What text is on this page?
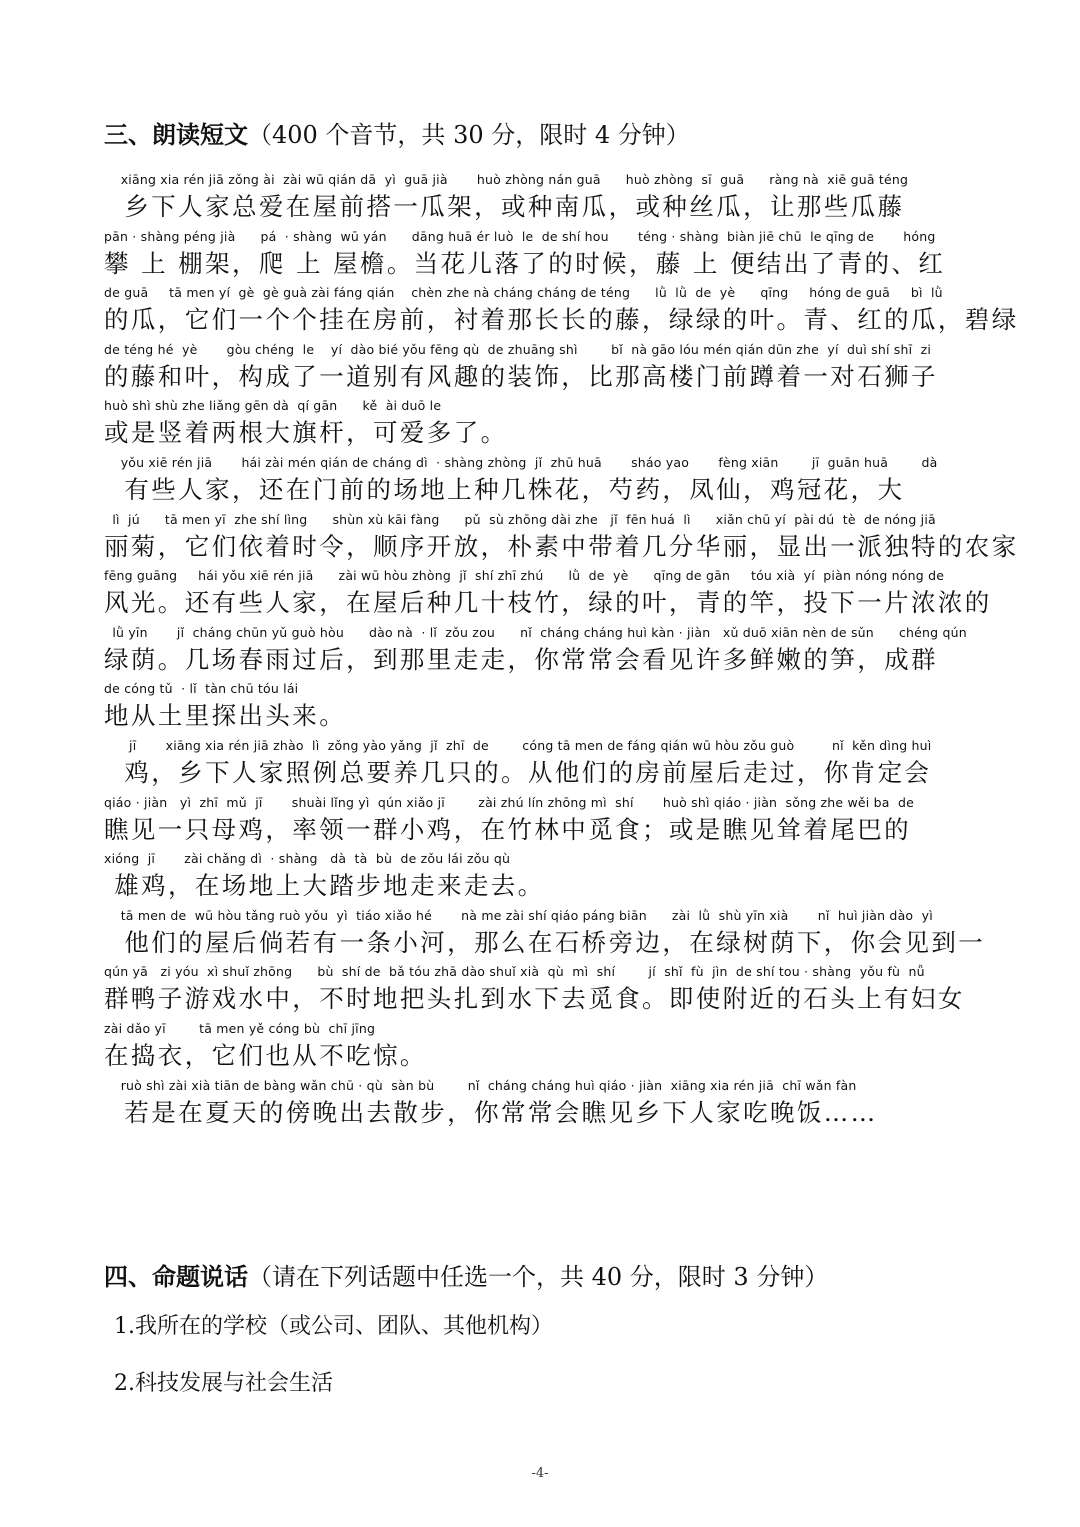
三、朗读短文（400 个音节，共 30 分，限时 4 分钟）
xiāng xia rén jiā zǒng ài  zài wū qián dā  yì  guā jià       huò zhòng nán guā      huò zhòng  sī  guā      ràng nà  xiē guā téng
乡下人家总爱在屋前搭一瓜架，或种南瓜，或种丝瓜，让那些瓜藤
pān · shàng péng jià      pá  · shàng  wū yán      dāng huā ér luò  le  de shí hou       téng · shàng  biàn jiē chū  le qīng de       hóng
攀 上 棚架，爬 上 屋檐。当花儿落了的时候，藤 上 便结出了青的、红
de guā     tā men yí  gè  gè guà zài fáng qián    chèn zhe nà cháng cháng de téng      lǜ  lǜ  de  yè      qīng     hóng de guā     bì  lǜ
的瓜，它们一个个挂在房前，衬着那长长的藤，绿绿的叶。青、红的瓜，碧绿
de téng hé  yè       gòu chéng  le    yí  dào bié yǒu fēng qù  de zhuāng shì        bǐ  nà gāo lóu mén qián dūn zhe  yí  duì shí shī  zi
的藤和叶，构成了一道别有风趣的装饰，比那高楼门前蹲着一对石狮子
huò shì shù zhe liǎng gēn dà  qí gān      kě  ài duō le
或是竖着两根大旗杆，可爱多了。
yǒu xiē rén jiā       hái zài mén qián de cháng dì  · shàng zhòng  jǐ  zhū huā       sháo yao       fèng xiān        jī  guān huā        dà
有些人家，还在门前的场地上种几株花，芍药，凤仙，鸡冠花，大
lì  jú      tā men yī  zhe shí lìng      shùn xù kāi fàng      pǔ  sù zhōng dài zhe   jǐ  fēn huá  lì      xiǎn chū yí  pài dú  tè  de nóng jiā
丽菊，它们依着时令，顺序开放，朴素中带着几分华丽，显出一派独特的农家
fēng guāng     hái yǒu xiē rén jiā      zài wū hòu zhòng  jǐ  shí zhī zhú      lǜ  de  yè      qīng de gān     tóu xià  yí  piàn nóng nóng de
风光。还有些人家，在屋后种几十枝竹，绿的叶，青的竿，投下一片浓浓的
lǜ yīn       jǐ  cháng chūn yǔ guò hòu      dào nà  · lǐ  zǒu zou      nǐ  cháng cháng huì kàn · jiàn   xǔ duō xiān nèn de sǔn      chéng qún
绿荫。几场春雨过后，到那里走走，你常常会看见许多鲜嫩的笋，成群
de cóng tǔ  · lǐ  tàn chū tóu lái
地从土里探出头来。
jī       xiāng xia rén jiā zhào  lì  zǒng yào yǎng  jǐ  zhī  de        cóng tā men de fáng qián wū hòu zǒu guò         nǐ  kěn dìng huì
鸡，乡下人家照例总要养几只的。从他们的房前屋后走过，你肯定会
qiáo · jiàn   yì  zhī  mǔ  jī       shuài lǐng yì  qún xiǎo jī        zài zhú lín zhōng mì  shí       huò shì qiáo · jiàn  sǒng zhe wěi ba  de
瞧见一只母鸡，率领一群小鸡，在竹林中觅食；或是瞧见耸着尾巴的
xióng  jī       zài chǎng dì  · shàng   dà  tà  bù  de zǒu lái zǒu qù
雄鸡，在场地上大踏步地走来走去。
tā men de  wū hòu tǎng ruò yǒu  yì  tiáo xiǎo hé       nà me zài shí qiáo páng biān      zài  lǜ  shù yīn xià       nǐ  huì jiàn dào  yì
他们的屋后倘若有一条小河，那么在石桥旁边，在绿树荫下，你会见到一
qún yā   zi yóu  xì shuǐ zhōng      bù  shí de  bǎ tóu zhā dào shuǐ xià  qù  mì  shí        jí  shǐ  fù  jìn  de shí tou · shàng  yǒu fù  nǚ
群鸭子游戏水中，不时地把头扎到水下去觅食。即使附近的石头上有妇女
zài dǎo yī        tā men yě cóng bù  chī jīng
在捣衣，它们也从不吃惊。
ruò shì zài xià tiān de bàng wǎn chū · qù  sàn bù        nǐ  cháng cháng huì qiáo · jiàn  xiāng xia rén jiā  chī wǎn fàn
若是在夏天的傍晚出去散步，你常常会瞧见乡下人家吃晚饭……
四、命题说话（请在下列话题中任选一个，共 40 分，限时 3 分钟）

1.我所在的学校（或公司、团队、其他机构）

2.科技发展与社会生活

-4-
